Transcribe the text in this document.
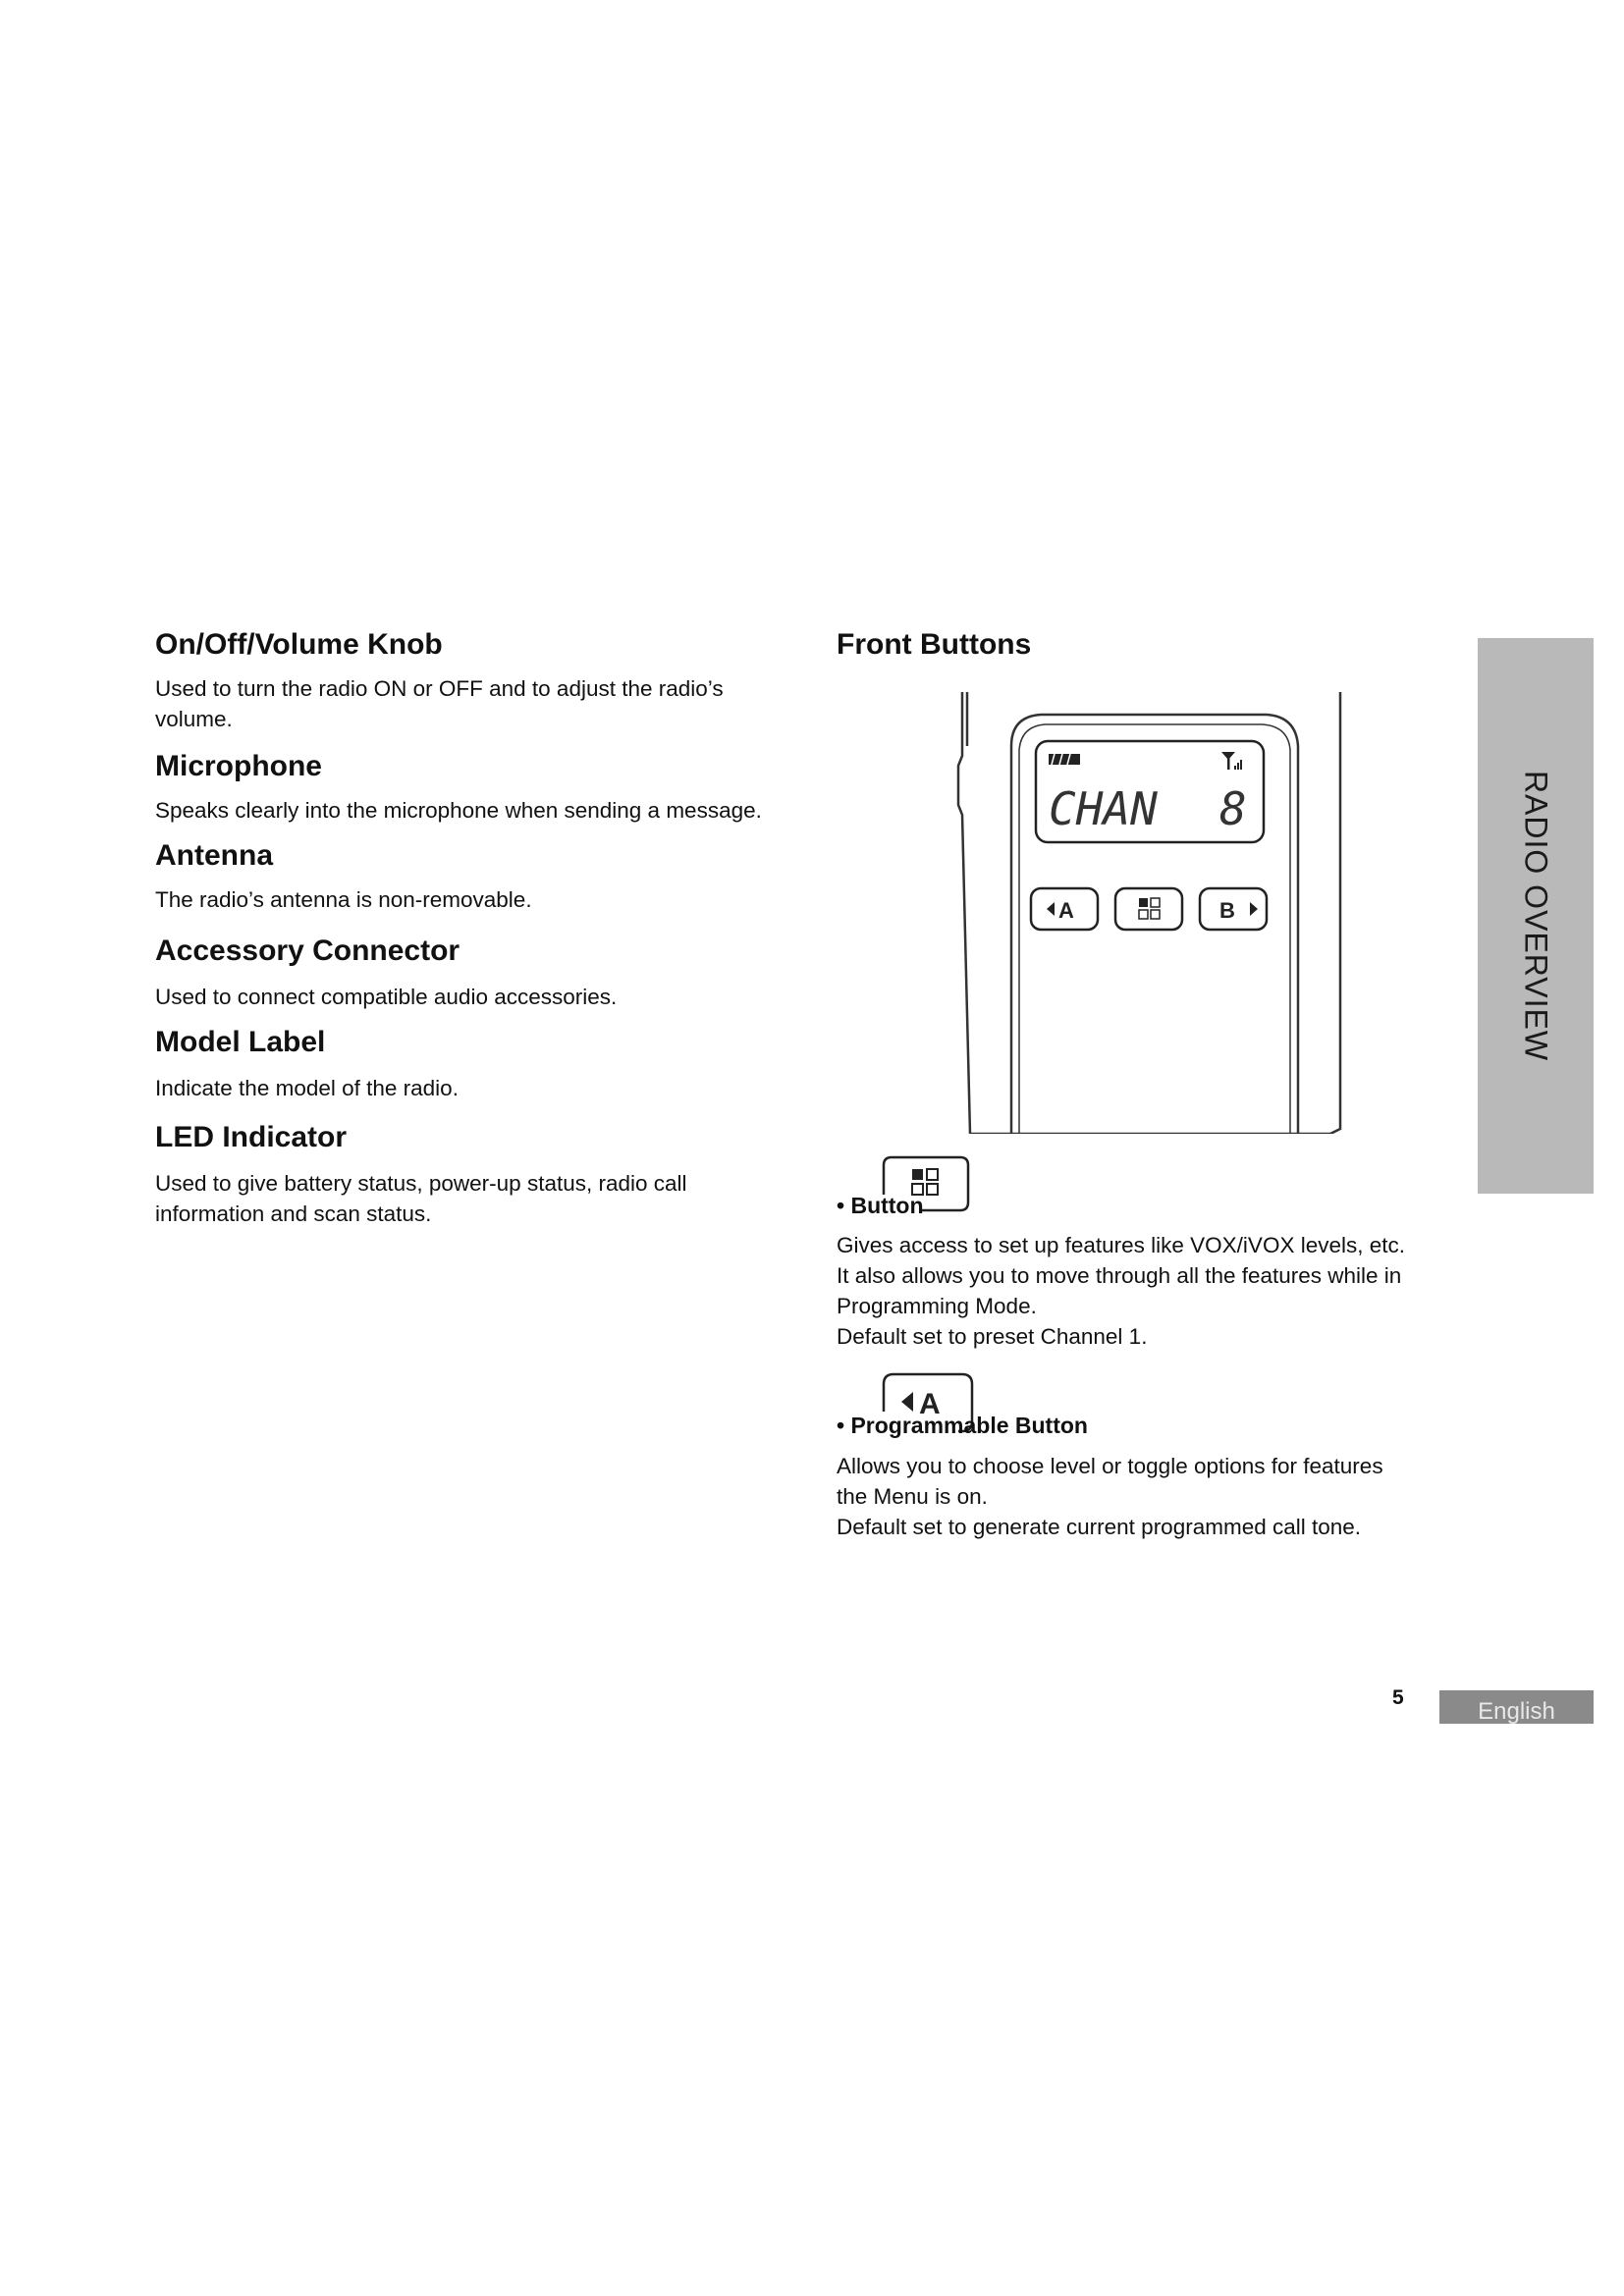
On/Off/Volume Knob

Used to turn the radio ON or OFF and to adjust the radio’s volume.

Microphone

Speaks clearly into the microphone when sending a message.

Antenna

The radio’s antenna is non-removable.

Accessory Connector

Used to connect compatible audio accessories.

Model Label

Indicate the model of the radio.

LED Indicator

Used to give battery status, power-up status, radio call information and scan status.

Front Buttons
CHAN 8
A	B
• Button

Gives access to set up features like VOX/iVOX levels, etc.

It also allows you to move through all the features while in

Programming Mode.

Default set to preset Channel 1.

A
• Programmable Button

Allows you to choose level or toggle options for features

the Menu is on.

Default set to generate current programmed call tone.

RADIO OVERVIEW
5
English
